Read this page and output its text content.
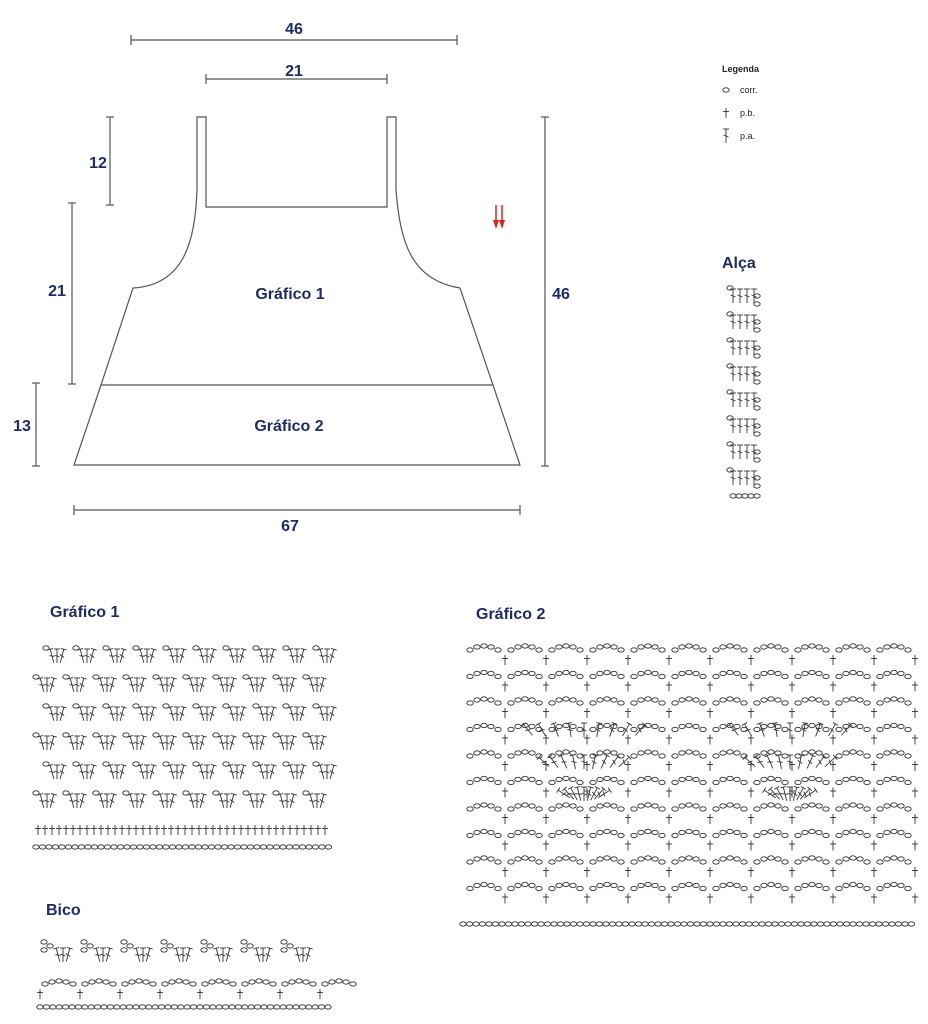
46
21
12
21
13
46
67
Gráfico 1
Gráfico 2
Legenda
corr.
p.b.
p.a.
Alça
Gráfico 1	Gráfico 2
Bico
